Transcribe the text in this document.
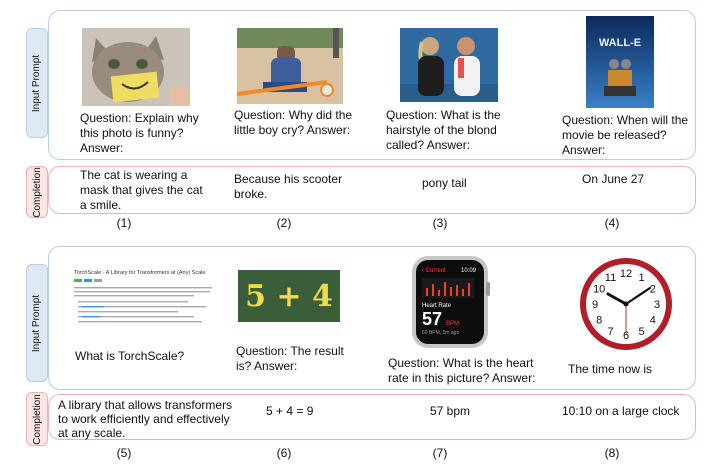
Input Prompt
Completion
Question: Explain why this photo is funny? Answer:
The cat is wearing a mask that gives the cat a smile.
(1)
Question: Why did the little boy cry? Answer:
Because his scooter broke.
(2)
Question: What is the hairstyle of the blond called? Answer:
pony tail
(3)
WALL-E
Question: When will the movie be released? Answer:
On June 27
(4)
Input Prompt
Completion
TorchScale - A Library for Transformers at (Any) Scale
What is TorchScale?
A library that allows transformers to work efficiently and effectively at any scale.
(5)
5 + 4
Question: The result is? Answer:
5 + 4 = 9
(6)
‹ Current	10:09
Heart Rate
57 BPM
60 BPM, 5m ago
Question: What is the heart rate in this picture? Answer:
57 bpm
(7)
12 1
2
3
4
5
6
7
8
9
10
11
The time now is
10:10 on a large clock
(8)
